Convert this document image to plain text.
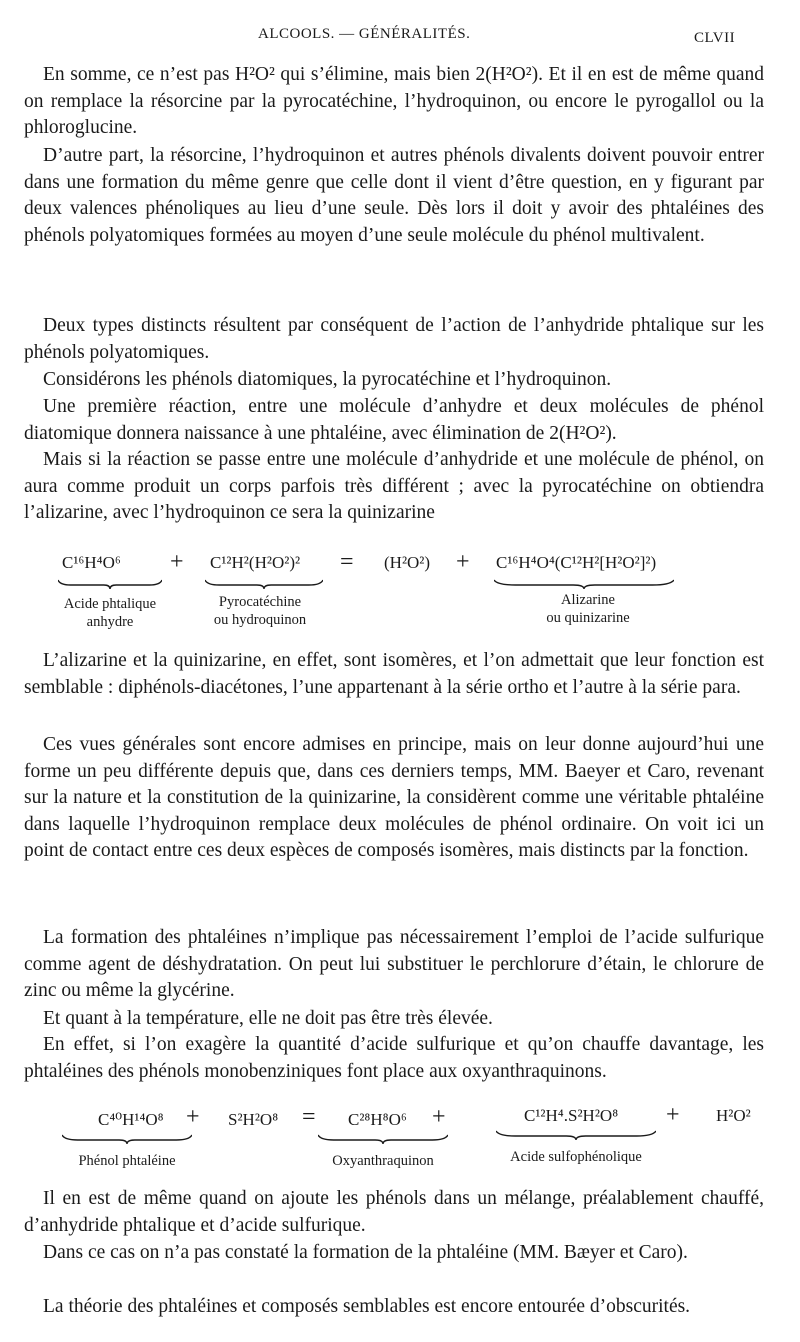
ALCOOLS. — GÉNÉRALITÉS.	CLVII
En somme, ce n’est pas H²O² qui s’élimine, mais bien 2(H²O²). Et il en est de même quand on remplace la résorcine par la pyrocatéchine, l’hydroquinon, ou encore le pyrogallol ou la phloroglucine.
D’autre part, la résorcine, l’hydroquinon et autres phénols divalents doivent pouvoir entrer dans une formation du même genre que celle dont il vient d’être question, en y figurant par deux valences phénoliques au lieu d’une seule. Dès lors il doit y avoir des phtaléines des phénols polyatomiques formées au moyen d’une seule molécule du phénol multivalent.
Deux types distincts résultent par conséquent de l’action de l’anhydride phtalique sur les phénols polyatomiques.
Considérons les phénols diatomiques, la pyrocatéchine et l’hydroquinon.
Une première réaction, entre une molécule d’anhydre et deux molécules de phénol diatomique donnera naissance à une phtaléine, avec élimination de 2(H²O²).
Mais si la réaction se passe entre une molécule d’anhydride et une molécule de phénol, on aura comme produit un corps parfois très différent ; avec la pyrocatéchine on obtiendra l’alizarine, avec l’hydroquinon ce sera la quinizarine
C¹⁶H⁴O⁶ + C¹²H²(H²O²)² = (H²O²) + C¹⁶H⁴O⁴(C¹²H²[H²O²]²)
Acide phtalique
anhydre
Pyrocatéchine
ou hydroquinon
Alizarine
ou quinizarine
L’alizarine et la quinizarine, en effet, sont isomères, et l’on admettait que leur fonction est semblable : diphénols-diacétones, l’une appartenant à la série ortho et l’autre à la série para.
Ces vues générales sont encore admises en principe, mais on leur donne aujourd’hui une forme un peu différente depuis que, dans ces derniers temps, MM. Baeyer et Caro, revenant sur la nature et la constitution de la quinizarine, la considèrent comme une véritable phtaléine dans laquelle l’hydroquinon remplace deux molécules de phénol ordinaire. On voit ici un point de contact entre ces deux espèces de composés isomères, mais distincts par la fonction.
La formation des phtaléines n’implique pas nécessairement l’emploi de l’acide sulfurique comme agent de déshydratation. On peut lui substituer le perchlorure d’étain, le chlorure de zinc ou même la glycérine.
Et quant à la température, elle ne doit pas être très élevée.
En effet, si l’on exagère la quantité d’acide sulfurique et qu’on chauffe davantage, les phtaléines des phénols monobenziniques font place aux oxyanthraquinons.
C⁴⁰H¹⁴O⁸ + S²H²O⁸ = C²⁸H⁸O⁶ +	C¹²H⁴.S²H²O⁸ + H²O²
Phénol phtaléine	Oxyanthraquinon	Acide sulfophénolique
Il en est de même quand on ajoute les phénols dans un mélange, préalablement chauffé, d’anhydride phtalique et d’acide sulfurique.
Dans ce cas on n’a pas constaté la formation de la phtaléine (MM. Bæyer et Caro).
La théorie des phtaléines et composés semblables est encore entourée d’obscurités.
